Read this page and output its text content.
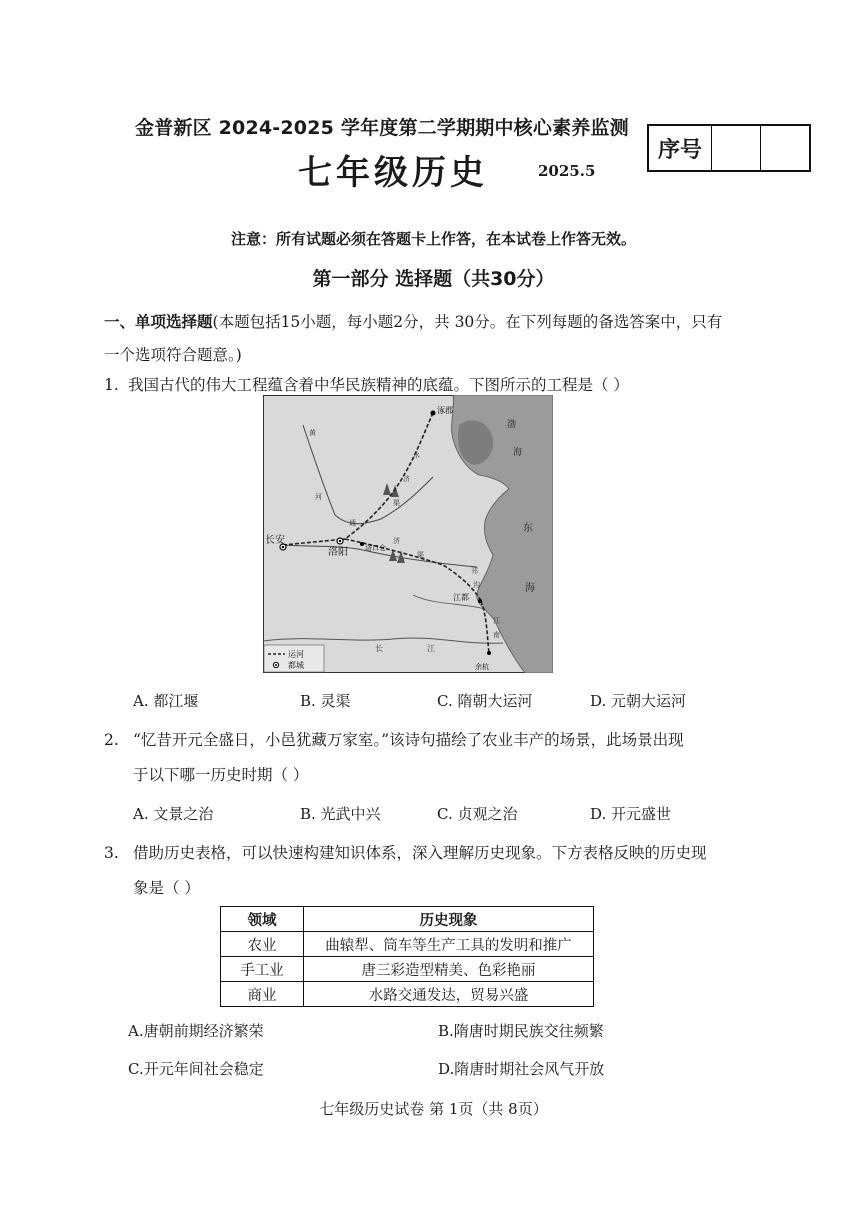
金普新区 2024-2025 学年度第二学期期中核心素养监测
七年级历史	2025.5
序号
注意：所有试题必须在答题卡上作答，在本试卷上作答无效。
第一部分 选择题（共30分）
一、单项选择题(本题包括15小题，每小题2分，共 30分。在下列每题的备选答案中，只有
一个选项符合题意。)
1. 我国古代的伟大工程蕴含着中华民族精神的底蕴。下图所示的工程是（ ）
涿郡
长安
洛阳 洛口仓
江都
余杭
渤
海
东
海
黄
河
永
济
渠
通
济
渠
邗
沟
江
南
长	江
运河
都城
A. 都江堰	B. 灵渠	C. 隋朝大运河	D. 元朝大运河
2. “忆昔开元全盛日，小邑犹藏万家室。”该诗句描绘了农业丰产的场景，此场景出现
于以下哪一历史时期（ ）
A. 文景之治	B. 光武中兴	C. 贞观之治	D. 开元盛世
3. 借助历史表格，可以快速构建知识体系，深入理解历史现象。下方表格反映的历史现
象是（ ）
领域	历史现象
农业	曲辕犁、筒车等生产工具的发明和推广
手工业	唐三彩造型精美、色彩艳丽
商业	水路交通发达，贸易兴盛
A.唐朝前期经济繁荣	B.隋唐时期民族交往频繁
C.开元年间社会稳定	D.隋唐时期社会风气开放
七年级历史试卷 第 1页（共 8页）
